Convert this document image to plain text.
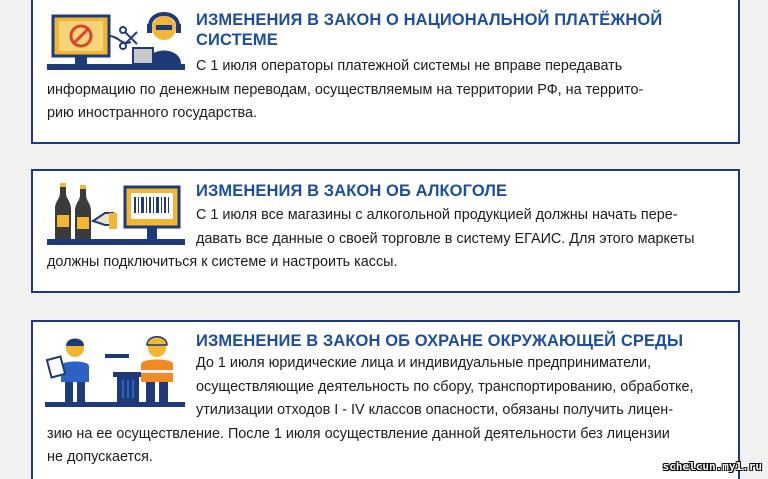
ИЗМЕНЕНИЯ В ЗАКОН О НАЦИОНАЛЬНОЙ ПЛАТЁЖНОЙ
СИСТЕМЕ
С 1 июля операторы платежной системы не вправе передавать
информацию по денежным переводам, осуществляемым на территории РФ, на террито-
рию иностранного государства.
ИЗМЕНЕНИЯ В ЗАКОН ОБ АЛКОГОЛЕ
С 1 июля все магазины с алкогольной продукцией должны начать пере-
давать все данные о своей торговле в систему ЕГАИС. Для этого маркеты
должны подключиться к системе и настроить кассы.
ИЗМЕНЕНИЕ В ЗАКОН ОБ ОХРАНЕ ОКРУЖАЮЩЕЙ СРЕДЫ
До 1 июля юридические лица и индивидуальные предприниматели,
осуществляющие деятельность по сбору, транспортированию, обработке,
утилизации отходов I - IV классов опасности, обязаны получить лицен-
зию на ее осуществление. После 1 июля осуществление данной деятельности без лицензии
не допускается.
schelcun.my1.ru
